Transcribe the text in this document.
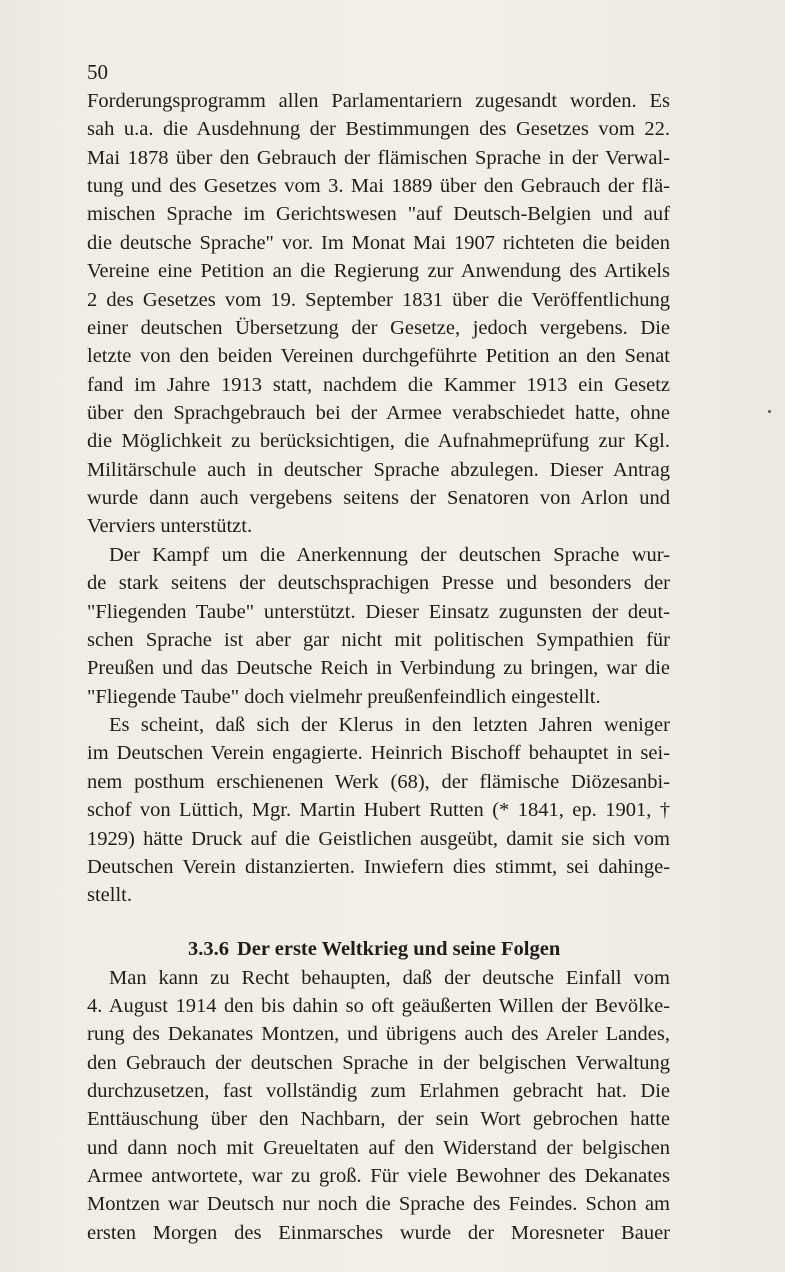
50
Forderungsprogramm allen Parlamentariern zugesandt worden. Es
sah u.a. die Ausdehnung der Bestimmungen des Gesetzes vom 22.
Mai 1878 über den Gebrauch der flämischen Sprache in der Verwal-
tung und des Gesetzes vom 3. Mai 1889 über den Gebrauch der flä-
mischen Sprache im Gerichtswesen "auf Deutsch-Belgien und auf
die deutsche Sprache" vor. Im Monat Mai 1907 richteten die beiden
Vereine eine Petition an die Regierung zur Anwendung des Artikels
2 des Gesetzes vom 19. September 1831 über die Veröffentlichung
einer deutschen Übersetzung der Gesetze, jedoch vergebens. Die
letzte von den beiden Vereinen durchgeführte Petition an den Senat
fand im Jahre 1913 statt, nachdem die Kammer 1913 ein Gesetz
über den Sprachgebrauch bei der Armee verabschiedet hatte, ohne
die Möglichkeit zu berücksichtigen, die Aufnahmeprüfung zur Kgl.
Militärschule auch in deutscher Sprache abzulegen. Dieser Antrag
wurde dann auch vergebens seitens der Senatoren von Arlon und
Verviers unterstützt.
Der Kampf um die Anerkennung der deutschen Sprache wur-
de stark seitens der deutschsprachigen Presse und besonders der
"Fliegenden Taube" unterstützt. Dieser Einsatz zugunsten der deut-
schen Sprache ist aber gar nicht mit politischen Sympathien für
Preußen und das Deutsche Reich in Verbindung zu bringen, war die
"Fliegende Taube" doch vielmehr preußenfeindlich eingestellt.
Es scheint, daß sich der Klerus in den letzten Jahren weniger
im Deutschen Verein engagierte. Heinrich Bischoff behauptet in sei-
nem posthum erschienenen Werk (68), der flämische Diözesanbi-
schof von Lüttich, Mgr. Martin Hubert Rutten (* 1841, ep. 1901, †
1929) hätte Druck auf die Geistlichen ausgeübt, damit sie sich vom
Deutschen Verein distanzierten. Inwiefern dies stimmt, sei dahinge-
stellt.
3.3.6 Der erste Weltkrieg und seine Folgen
Man kann zu Recht behaupten, daß der deutsche Einfall vom
4. August 1914 den bis dahin so oft geäußerten Willen der Bevölke-
rung des Dekanates Montzen, und übrigens auch des Areler Landes,
den Gebrauch der deutschen Sprache in der belgischen Verwaltung
durchzusetzen, fast vollständig zum Erlahmen gebracht hat. Die
Enttäuschung über den Nachbarn, der sein Wort gebrochen hatte
und dann noch mit Greueltaten auf den Widerstand der belgischen
Armee antwortete, war zu groß. Für viele Bewohner des Dekanates
Montzen war Deutsch nur noch die Sprache des Feindes. Schon am
ersten Morgen des Einmarsches wurde der Moresneter Bauer
